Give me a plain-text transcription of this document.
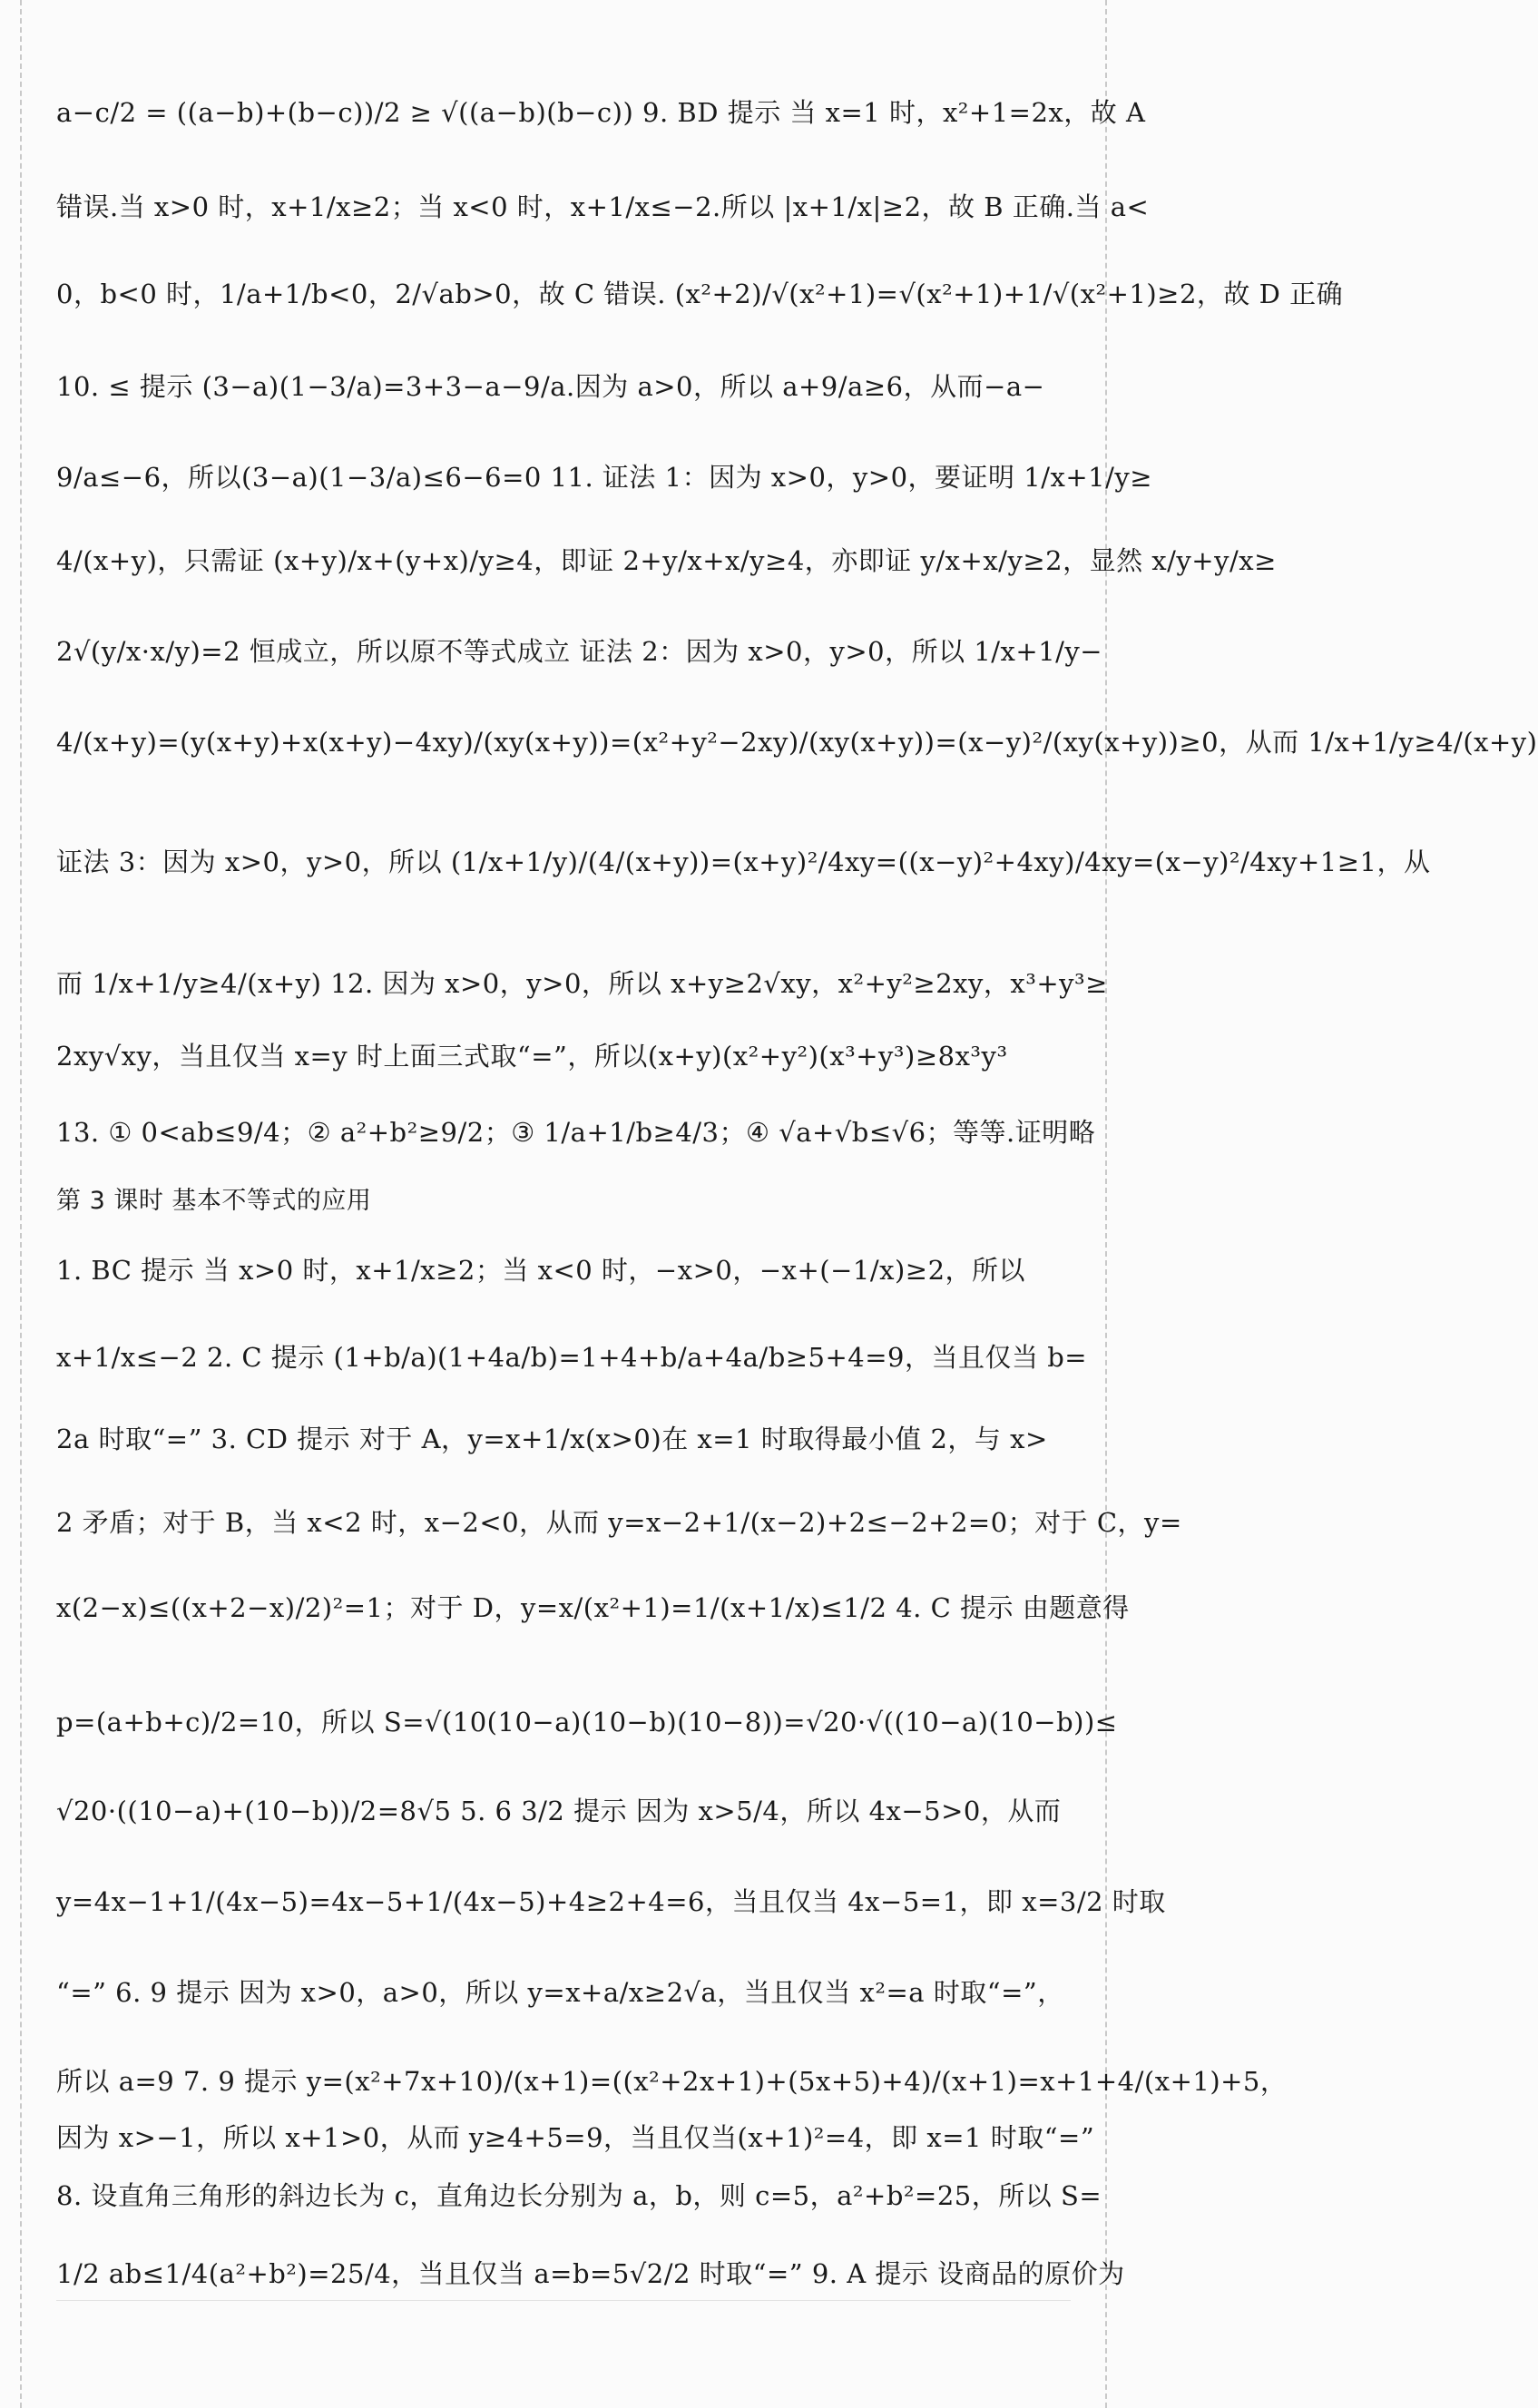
a−c/2 = ((a−b)+(b−c))/2 ≥ √((a−b)(b−c)) 9. BD 提示 当 x=1 时，x²+1=2x，故 A

错误.当 x>0 时，x+1/x≥2；当 x<0 时，x+1/x≤−2.所以 |x+1/x|≥2，故 B 正确.当 a<

0，b<0 时，1/a+1/b<0，2/√ab>0，故 C 错误. (x²+2)/√(x²+1)=√(x²+1)+1/√(x²+1)≥2，故 D 正确

10. ≤ 提示 (3−a)(1−3/a)=3+3−a−9/a.因为 a>0，所以 a+9/a≥6，从而−a−

9/a≤−6，所以(3−a)(1−3/a)≤6−6=0 11. 证法 1：因为 x>0，y>0，要证明 1/x+1/y≥

4/(x+y)，只需证 (x+y)/x+(y+x)/y≥4，即证 2+y/x+x/y≥4，亦即证 y/x+x/y≥2，显然 x/y+y/x≥

2√(y/x·x/y)=2 恒成立，所以原不等式成立 证法 2：因为 x>0，y>0，所以 1/x+1/y−

4/(x+y)=(y(x+y)+x(x+y)−4xy)/(xy(x+y))=(x²+y²−2xy)/(xy(x+y))=(x−y)²/(xy(x+y))≥0，从而 1/x+1/y≥4/(x+y)

证法 3：因为 x>0，y>0，所以 (1/x+1/y)/(4/(x+y))=(x+y)²/4xy=((x−y)²+4xy)/4xy=(x−y)²/4xy+1≥1，从

而 1/x+1/y≥4/(x+y) 12. 因为 x>0，y>0，所以 x+y≥2√xy，x²+y²≥2xy，x³+y³≥

2xy√xy，当且仅当 x=y 时上面三式取“=”，所以(x+y)(x²+y²)(x³+y³)≥8x³y³

13. ① 0<ab≤9/4；② a²+b²≥9/2；③ 1/a+1/b≥4/3；④ √a+√b≤√6；等等.证明略

第 3 课时 基本不等式的应用

1. BC 提示 当 x>0 时，x+1/x≥2；当 x<0 时，−x>0，−x+(−1/x)≥2，所以

x+1/x≤−2 2. C 提示 (1+b/a)(1+4a/b)=1+4+b/a+4a/b≥5+4=9，当且仅当 b=

2a 时取“=” 3. CD 提示 对于 A，y=x+1/x(x>0)在 x=1 时取得最小值 2，与 x>

2 矛盾；对于 B，当 x<2 时，x−2<0，从而 y=x−2+1/(x−2)+2≤−2+2=0；对于 C，y=

x(2−x)≤((x+2−x)/2)²=1；对于 D，y=x/(x²+1)=1/(x+1/x)≤1/2 4. C 提示 由题意得

p=(a+b+c)/2=10，所以 S=√(10(10−a)(10−b)(10−8))=√20·√((10−a)(10−b))≤

√20·((10−a)+(10−b))/2=8√5 5. 6 3/2 提示 因为 x>5/4，所以 4x−5>0，从而

y=4x−1+1/(4x−5)=4x−5+1/(4x−5)+4≥2+4=6，当且仅当 4x−5=1，即 x=3/2 时取

“=” 6. 9 提示 因为 x>0，a>0，所以 y=x+a/x≥2√a，当且仅当 x²=a 时取“=”，

所以 a=9 7. 9 提示 y=(x²+7x+10)/(x+1)=((x²+2x+1)+(5x+5)+4)/(x+1)=x+1+4/(x+1)+5，

因为 x>−1，所以 x+1>0，从而 y≥4+5=9，当且仅当(x+1)²=4，即 x=1 时取“=”

8. 设直角三角形的斜边长为 c，直角边长分别为 a，b，则 c=5，a²+b²=25，所以 S=

1/2 ab≤1/4(a²+b²)=25/4，当且仅当 a=b=5√2/2 时取“=” 9. A 提示 设商品的原价为
